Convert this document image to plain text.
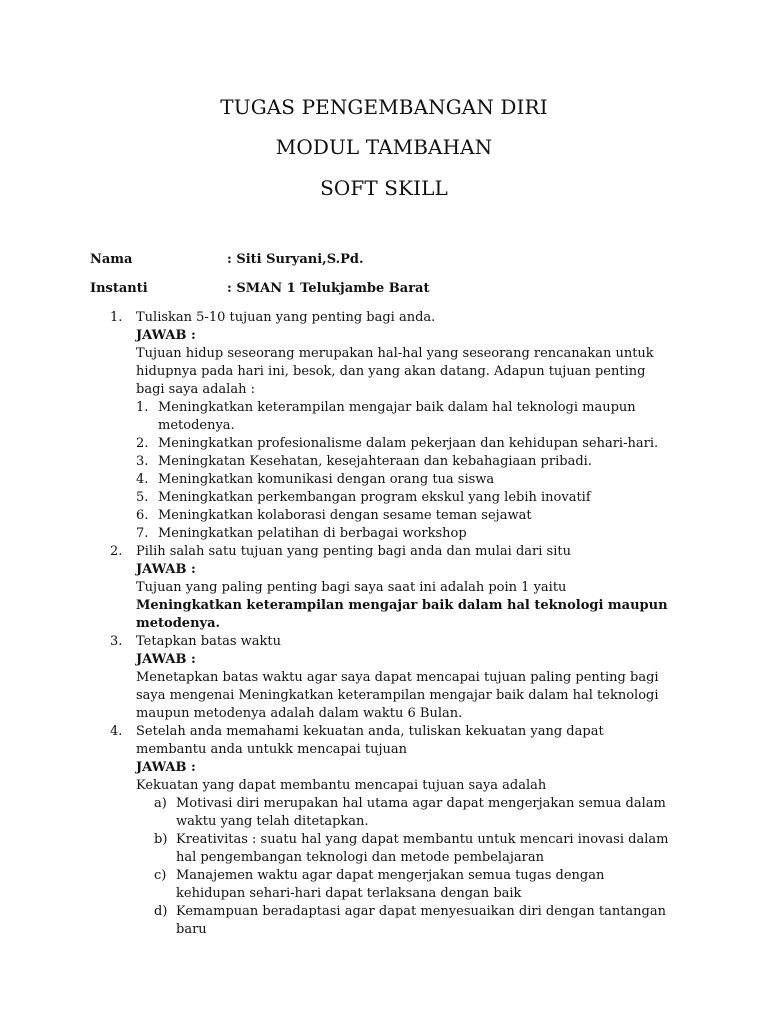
TUGAS PENGEMBANGAN DIRI
MODUL TAMBAHAN
SOFT SKILL
Nama	: Siti Suryani,S.Pd.
Instanti	: SMAN 1 Telukjambe Barat
1. Tuliskan 5-10 tujuan yang penting bagi anda.
JAWAB :
Tujuan hidup seseorang merupakan hal-hal yang seseorang rencanakan untuk hidupnya pada hari ini, besok, dan yang akan datang. Adapun tujuan penting bagi saya adalah :
1. Meningkatkan keterampilan mengajar baik dalam hal teknologi maupun metodenya.
2. Meningkatkan profesionalisme dalam pekerjaan dan kehidupan sehari-hari.
3. Meningkatan Kesehatan, kesejahteraan dan kebahagiaan pribadi.
4. Meningkatkan komunikasi dengan orang tua siswa
5. Meningkatkan perkembangan program ekskul yang lebih inovatif
6. Meningkatkan kolaborasi dengan sesame teman sejawat
7. Meningkatkan pelatihan di berbagai workshop
2. Pilih salah satu tujuan yang penting bagi anda dan mulai dari situ
JAWAB :
Tujuan yang paling penting bagi saya saat ini adalah poin 1 yaitu Meningkatkan keterampilan mengajar baik dalam hal teknologi maupun metodenya.
3. Tetapkan batas waktu
JAWAB :
Menetapkan batas waktu agar saya dapat mencapai tujuan paling penting bagi saya mengenai Meningkatkan keterampilan mengajar baik dalam hal teknologi maupun metodenya adalah dalam waktu 6 Bulan.
4. Setelah anda memahami kekuatan anda, tuliskan kekuatan yang dapat membantu anda untukk mencapai tujuan
JAWAB :
Kekuatan yang dapat membantu mencapai tujuan saya adalah
a) Motivasi diri merupakan hal utama agar dapat mengerjakan semua dalam waktu yang telah ditetapkan.
b) Kreativitas : suatu hal yang dapat membantu untuk mencari inovasi dalam hal pengembangan teknologi dan metode pembelajaran
c) Manajemen waktu agar dapat mengerjakan semua tugas dengan kehidupan sehari-hari dapat terlaksana dengan baik
d) Kemampuan beradaptasi agar dapat menyesuaikan diri dengan tantangan baru
